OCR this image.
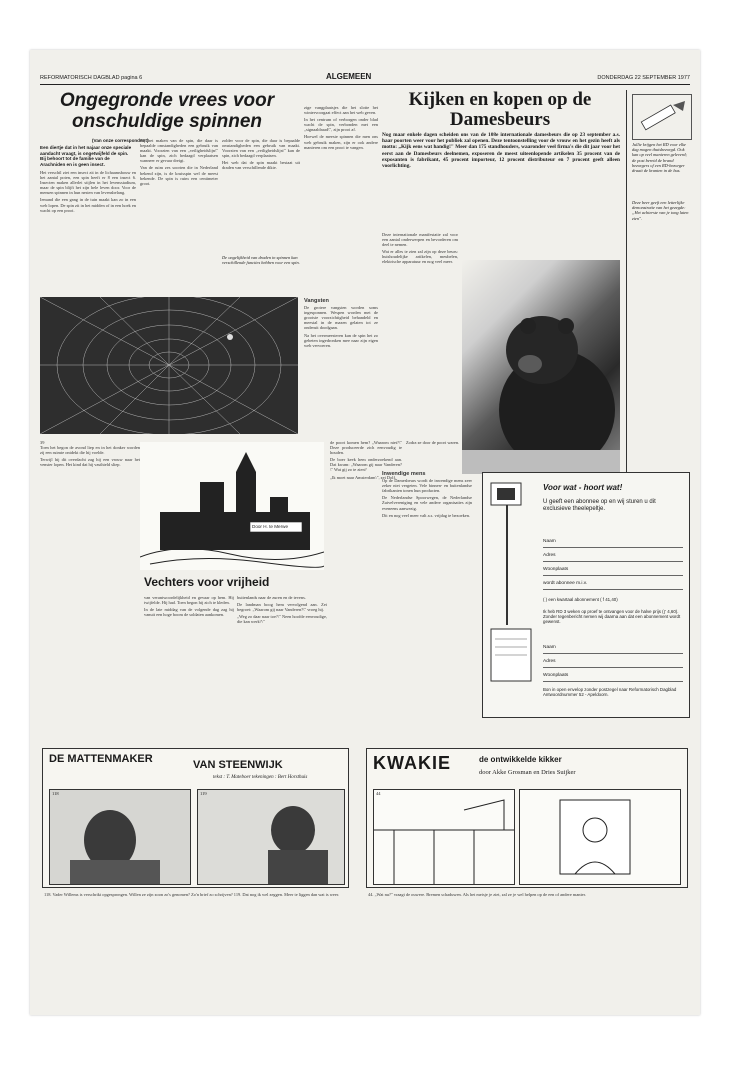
REFORMATORISCH DAGBLAD pagina 6	ALGEMEEN	DONDERDAG 22 SEPTEMBER 1977
Ongegronde vrees voor onschuldige spinnen
(Van onze correspondent)
Een diertje dat in het najaar onze speciale aandacht vraagt, is ongetwijfeld de spin. Bij behoort tot de familie van de Arachniden en is geen insect.

Het verschil ziet een insect zit in de lichaamsbouw en het aantal poten, een spin heeft er 8 een insect 6. Insecten maken allerlei stijlen in het levensstadium, maar de spin blijft het zijn hele leven door. Voor de mensen spinnen in hun nesten van levensbelang.

Iemand die een gang in de tuin maakt kan zo in een web lopen. De spin zit in het midden of in een hoek en wacht op een prooi.

Bij het maken van de spin, die daar is bepaalde omstandigheden een gebruik van maakt. Voorzien van een „veiligheidslijn\" kan de spin, zich bedaagd verplaatsen wanneer er gevaar dreigt.

Van de ruim zes soorten die in Nederland bekend zijn, is de kruisspin wel de meest bekende. De spin is ruim een centimeter groot.

zolder voor de spin, die daar is bepaalde omstandigheden een gebruik van maakt. Voorzien van een „veiligheidslijn\" kan de spin, zich bedaagd verplaatsen.

Het web dat de spin maakt bestaat uit draden van verschillende dikte.

De ongelijkheid van draden in spinnen kan verschillende functies hebben voor een spin.

zige vangplaatsjes die het slotte het wintervoorgaat effect aan het web geven.

In het centrum of verborgen onder blad wacht de spin, verbonden met een „signaaldraad\", zijn prooi af.

Hoewel de meeste spinnen die men ons web gebruik maken, zijn er ook andere manieren om een prooi te vangen.

Vangsten

De grotere vangsten worden soms ingesponnen. Wespen worden met de grootste voorzichtigheid behandeld en meestal in de mazen gelaten tot ze onderuit doodgaan.

Na het overmeesteren kan de spin het zo gebeten ingedronken mee naar zijn eigen web vervoeren.

Kijken en kopen op de Damesbeurs
Nog maar enkele dagen scheiden ons van de 108e internationale damesbeurs die op 23 september a.s. haar poorten weer voor het publiek zal openen. Deze tentoonstelling voor de vrouw en het gezin heeft als motto: „Kijk eens wat handig!" Meer dan 175 standhouders, waaronder veel firma's die dit jaar voor het eerst aan de Damesbeurs deelnemen, exposeren de meest uiteenlopende artikelen 35 procent van de exposanten is fabrikant, 45 procent importeur, 12 procent distributeur en 7 procent geeft alleen voorlichting.

Deze internationale manifestatie zal voor een aantal onderwerpen en bevorderen om deel te nemen.

Wat er alles te zien zal zijn op deze beurs: huishoudelijke artikelen, meubelen, elektrische apparatuur en nog veel meer.

Jullie krijgen het RD voor elke dag mogen thuisbezorgd. Ook kan op veel manieren geleverd; de post bereid de brand bezorgers of een RD-bezorger draait de kranten in de bus.
Deze beer geeft een letterlijke demonstratie van het gezegde: „Het achterste van je tong laten zien".
Inwendige mens

Op de Damesbeurs wordt de inwendige mens zeer zeker niet vergeten. Vele binnen- en buitenlandse fabrikanten tonen hun producten.

De Nederlandse Spoorwegen, de Nederlandse Zuivelvereniging en vele andere organisaties zijn eveneens aanwezig.

Dit en nog veel meer valt a.s. vrijdag te bezoeken.

39

Toen het begon de avond liep en in het donker worden zij een ruimte ontdekt die hij voelde.

Terwijl hij dit overdacht zag hij een vrouw naar het venster lopen. Het kind dat hij vasthield sliep.

Door H. te Merwe
Vechters voor vrijheid

van verantwoordelijkheid en gevaar op hem. Hij twijfelde. Hij had. Toen begon hij zich te kleden.

In de late middag van de volgende dag zag hij vanuit een hoge boom de soldaten aankomen.

buitenlands naar de zuren en de tevens.

De landman boog hem vervolgend aan. Zei begroet: „Waarom gij naar Vanderen?\" vroeg hij.

„Weg zo daar naar toe?\" Neen hoofde eenvoudige, die kan werk?\"

de poort komen hem? „Waarom niet?\" Deze produceerde zich eenvoudig te houden.

De boer keek hem onderzoekend aan. Dat kwam: „Waarom gij naar Vanderen?\" Wat gij zo te zien?

„Ik moet naar Amsterdam\", zei Dolf.

Zodra ze door de poort waren.

Voor wat - hoort wat!
U geeft een abonnee op en wij sturen u dit exclusieve theelepeltje.
Naam
Adres
Woonplaats
wordt abonnee m.i.v.
( ) een kwartaal abonnement ( f 41,40)
Ik heb RD 3 weken op proef te ontvangen voor de halve prijs (ƒ 4,60). Zonder tegenbericht nemen wij daarna aan dat een abonnement wordt gewenst.
Naam
Adres
Woonplaats
Bon in open envelop zonder postzegel naar Reformatorisch Dagblad Antwoordnummer 52 - Apeldoorn.
DE MATTENMAKER	VAN STEENWIJK
tekst : T. Mateboer tekeningen : Bert Horsthuis
118	119
118. Vader Willems is verschrikt opgesprongen. Willen ze zijn zoon zo's genomen? Zo'n brief zo schrijven? 119. Dat nog ik wel zeggen. Meer te liggen dan wat is weer.
KWAKIE	de ontwikkelde kikker
door Akke Grosman en Dries Suijker
44
44. „Wat nu?" vraagt de ouwere. Bremen schaduwen. Als het meisje je ziet, zal ze je wel helpen op de een of andere manier.
